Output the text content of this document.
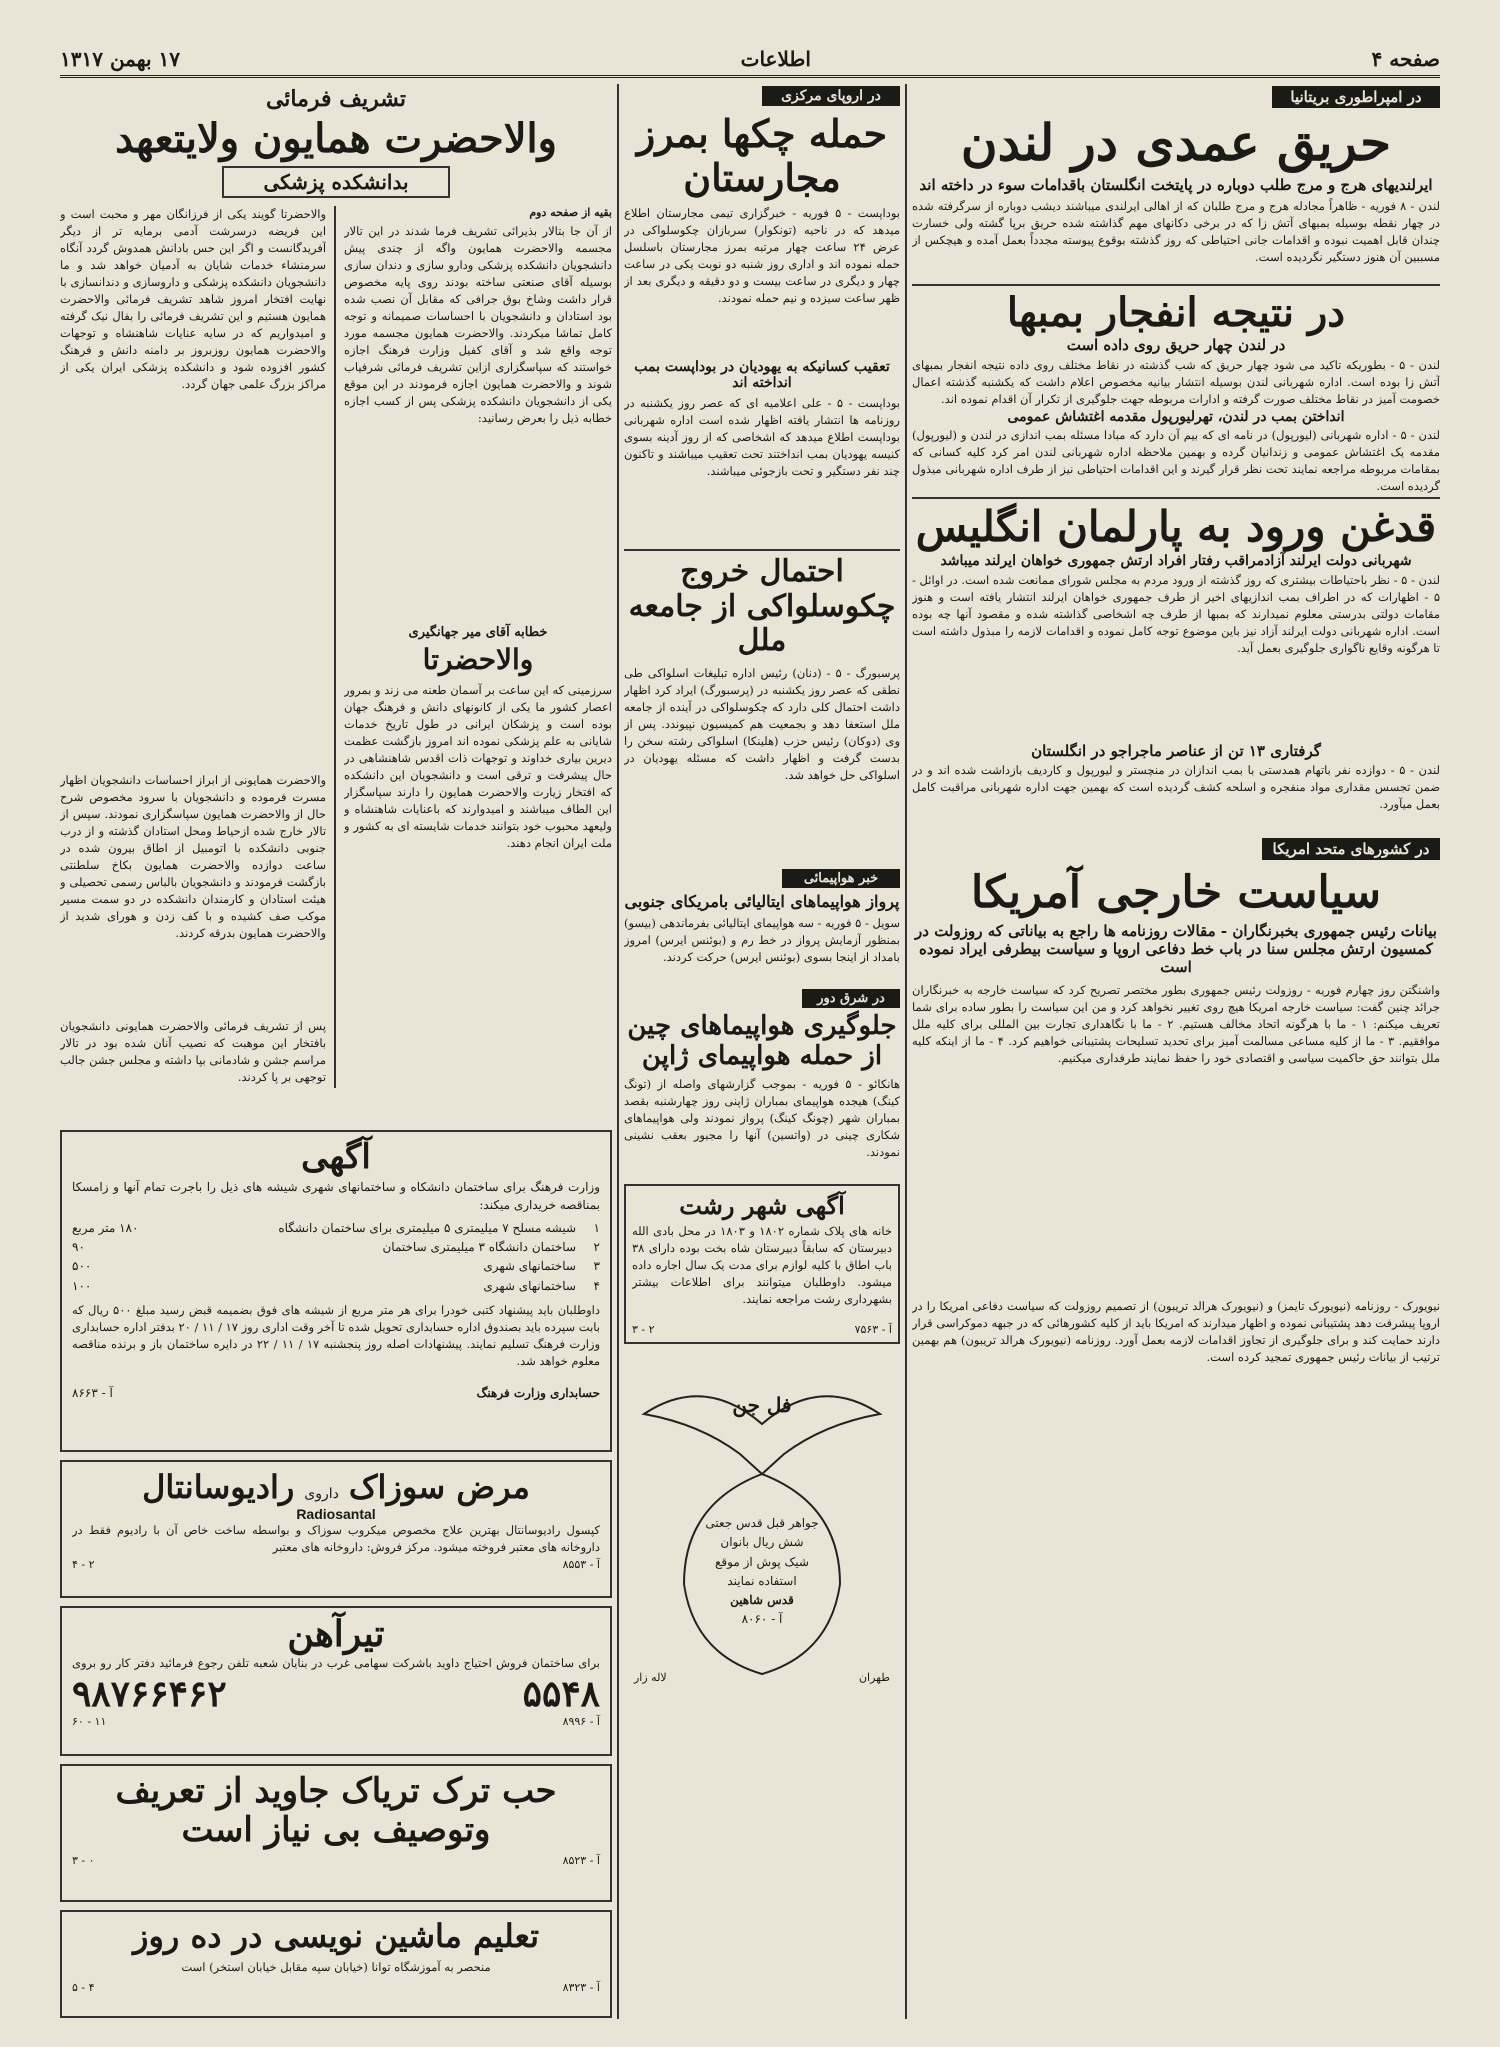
صفحه ۴
اطلاعات
۱۷ بهمن ۱۳۱۷
در امپراطوری بریتانیا
حریق عمدی در لندن
ایرلندیهای هرج و مرج طلب دوباره در پایتخت انگلستان باقدامات سوء در داخته اند
لندن - ۸ فوریه - ظاهراً مجادله هرج و مرج طلبان که از اهالی ایرلندی میباشند دیشب دوباره از سرگرفته شده در چهار نقطه بوسیله بمبهای آتش زا که در برخی دکانهای مهم گذاشته شده حریق برپا گشته ولی خسارت چندان قابل اهمیت نبوده و اقدامات جانی احتیاطی که روز گذشته بوقوع پیوسته مجدداً بعمل آمده و هیچکس از مسببین آن هنوز دستگیر نگردیده است.
در نتیجه انفجار بمبها
در لندن چهار حریق روی داده است
لندن - ۵ - بطوریکه تاکید می شود چهار حریق که شب گذشته در نقاط مختلف روی داده نتیجه انفجار بمبهای آتش زا بوده است. اداره شهربانی لندن بوسیله انتشار بیانیه مخصوص اعلام داشت که یکشنبه گذشته اعمال خصومت آمیز در نقاط مختلف صورت گرفته و ادارات مربوطه جهت جلوگیری از تکرار آن اقدام نموده اند.
انداختن بمب در لندن، تهرلیورپول مقدمه اغتشاش عمومی
لندن - ۵ - اداره شهربانی (لیورپول) در نامه ای که بیم آن دارد که مبادا مسئله بمب اندازی در لندن و (لیورپول) مقدمه یک اغتشاش عمومی و زندانیان گرده و بهمین ملاحظه اداره شهربانی لندن امر کرد کلیه کسانی که بمقامات مربوطه مراجعه نمایند تحت نظر قرار گیرند و این اقدامات احتیاطی نیز از طرف اداره شهربانی میذول گردیده است.
قدغن ورود به پارلمان انگلیس
شهربانی دولت ایرلند آزادمراقب رفتار افراد ارتش جمهوری خواهان ایرلند میباشد
لندن - ۵ - نظر باحتیاطات بیشتری که روز گذشته از ورود مردم به مجلس شورای ممانعت شده است. در اوائل - ۵ - اظهارات که در اطراف بمب اندازیهای اخیر از طرف جمهوری خواهان ایرلند انتشار یافته است و هنوز مقامات دولتی بدرستی معلوم نمیدارند که بمبها از طرف چه اشخاصی گذاشته شده و مقصود آنها چه بوده است. اداره شهربانی دولت ایرلند آزاد نیز باین موضوع توجه کامل نموده و اقدامات لازمه را مبذول داشته است تا هرگونه وقایع ناگواری جلوگیری بعمل آید.
گرفتاری ۱۳ تن از عناصر ماجراجو در انگلستان
لندن - ۵ - دوازده نفر باتهام همدستی با بمب اندازان در منچستر و لیورپول و کاردیف بازداشت شده اند و در ضمن تجسس مقداری مواد منفجره و اسلحه کشف گردیده است که بهمین جهت اداره شهربانی مراقبت کامل بعمل میآورد.
در کشورهای متحد امریکا
سیاست خارجی آمریکا
بیانات رئیس جمهوری بخبرنگاران - مقالات روزنامه ها راجع به بیاناتی که روزولت در کمسیون ارتش مجلس سنا در باب خط دفاعی اروپا و سیاست بیطرفی ایراد نموده است
واشنگتن روز چهارم فوریه - روزولت رئیس جمهوری بطور مختصر تصریح کرد که سیاست خارجه به خبرنگاران جرائد چنین گفت: سیاست خارجه امریکا هیچ روی تغییر نخواهد کرد و من این سیاست را بطور ساده برای شما تعریف میکنم: ۱ - ما با هرگونه اتحاد مخالف هستیم. ۲ - ما با نگاهداری تجارت بین المللی برای کلیه ملل موافقیم. ۳ - ما از کلیه مساعی مسالمت آمیز برای تحدید تسلیحات پشتیبانی خواهیم کرد. ۴ - ما از اینکه کلیه ملل بتوانند حق حاکمیت سیاسی و اقتصادی خود را حفظ نمایند طرفداری میکنیم.
نیویورک - روزنامه (نیویورک تایمز) و (نیویورک هرالد تریبون) از تصمیم روزولت که سیاست دفاعی امریکا را در اروپا پیشرفت دهد پشتیبانی نموده و اظهار میدارند که امریکا باید از کلیه کشورهائی که در جبهه دموکراسی قرار دارند حمایت کند و برای جلوگیری از تجاوز اقدامات لازمه بعمل آورد. روزنامه (نیویورک هرالد تریبون) هم بهمین ترتیب از بیانات رئیس جمهوری تمجید کرده است.
در اروپای مرکزی
حمله چکها بمرز مجارستان
بوداپست - ۵ فوریه - خبرگزاری تیمی مجارستان اطلاع میدهد که در ناحیه (تونکوار) سربازان چکوسلواکی در عرض ۲۴ ساعت چهار مرتبه بمرز مجارستان باسلسل حمله نموده اند و اداری روز شنبه دو نوبت یکی در ساعت چهار و دیگری در ساعت بیست و دو دقیقه و دیگری بعد از ظهر ساعت سیزده و نیم حمله نمودند.
تعقیب کسانیکه به یهودیان در بوداپست بمب انداخته اند
بوداپست - ۵ - علی اعلامیه ای که عصر روز یکشنبه در روزنامه ها انتشار یافته اظهار شده است اداره شهربانی بوداپست اطلاع میدهد که اشخاصی که از روز آدینه بسوی کنیسه یهودیان بمب انداختند تحت تعقیب میباشند و تاکنون چند نفر دستگیر و تحت بازجوئی میباشند.
احتمال خروج چکوسلواکی از جامعه ملل
پرسبورگ - ۵ - (دنان) رئیس اداره تبلیغات اسلواکی طی نطقی که عصر روز یکشنبه در (پرسبورگ) ایراد کرد اظهار داشت احتمال کلی دارد که چکوسلواکی در آینده از جامعه ملل استعفا دهد و بجمعیت هم کمیسیون نپیوندد. پس از وی (دوکان) رئیس حزب (هلینکا) اسلواکی رشته سخن را بدست گرفت و اظهار داشت که مسئله یهودیان در اسلواکی حل خواهد شد.
خبر هواپیمائی
پرواز هواپیماهای ایتالیائی بامریکای جنوبی
سویل - ۵ فوریه - سه هواپیمای ایتالیائی بفرماندهی (بیسو) بمنظور آزمایش پرواز در خط رم و (بوئنس ایرس) امروز بامداد از اینجا بسوی (بوئنس ایرس) حرکت کردند.
در شرق دور
جلوگیری هواپیماهای چین از حمله هواپیمای ژاپن
هانکائو - ۵ فوریه - بموجب گزارشهای واصله از (تونگ کینگ) هیجده هواپیمای بمباران ژاپنی روز چهارشنبه بقصد بمباران شهر (چونگ کینگ) پرواز نمودند ولی هواپیماهای شکاری چینی در (واتسین) آنها را مجبور بعقب نشینی نمودند.
آگهی شهر رشت
خانه های پلاک شماره ۱۸۰۲ و ۱۸۰۳ در محل بادی الله دبیرستان که سابقاً دبیرستان شاه بخت بوده دارای ۳۸ باب اطاق با کلیه لوازم برای مدت یک سال اجاره داده میشود. داوطلبان میتوانند برای اطلاعات بیشتر بشهرداری رشت مراجعه نمایند.
آ - ۷۵۶۳
۲ - ۳
فل جن
جواهر قبل قدس جعتی
شش ریال بانوان
شیک پوش از موقع
استفاده نمایند
قدس شاهین
آ - ۸۰۶۰
طهران
لاله زار
تشریف فرمائی
والاحضرت همایون ولایتعهد
بدانشکده پزشکی
بقیه از صفحه دوم
از آن جا بتالار بذیرائی تشریف فرما شدند در این تالار مجسمه والاحضرت همایون واگه از چندی پیش دانشجویان دانشکده پزشکی ودارو سازی و دندان سازی بوسیله آقای صنعتی ساخته بودند روی پایه مخصوص قرار داشت وشاخ بوق جرافی که مقابل آن نصب شده بود استادان و دانشجویان با احساسات صمیمانه و توجه کامل تماشا میکردند. والاحضرت همایون مجسمه مورد توجه واقع شد و آقای کفیل وزارت فرهنگ اجازه خواستند که سپاسگزاری ازاین تشریف فرمائی شرفیاب شوند و والاحضرت همایون اجازه فرمودند در این موقع یکی از دانشجویان دانشکده پزشکی پس از کسب اجازه خطابه ذیل را بعرض رسانید:
خطابه آقای میر جهانگیری
والاحضرتا
سرزمینی که این ساعت بر آسمان طعنه می زند و بمرور اعصار کشور ما یکی از کانونهای دانش و فرهنگ جهان بوده است و پزشکان ایرانی در طول تاریخ خدمات شایانی به علم پزشکی نموده اند امروز بازگشت عظمت دیرین بیاری خداوند و توجهات ذات اقدس شاهنشاهی در حال پیشرفت و ترقی است و دانشجویان این دانشکده که افتخار زیارت والاحضرت همایون را دارند سپاسگزار این الطاف میباشند و امیدوارند که باعنایات شاهنشاه و ولیعهد محبوب خود بتوانند خدمات شایسته ای به کشور و ملت ایران انجام دهند.
والاحضرتا گویند یکی از فرزانگان مهر و محبت است و این فریضه درسرشت آدمی برمایه تر از دیگر آفریدگانست و اگر این حس بادانش همدوش گردد آنگاه سرمنشاء خدمات شایان به آدمیان خواهد شد و ما دانشجویان دانشکده پزشکی و داروسازی و دندانسازی با نهایت افتخار امروز شاهد تشریف فرمائی والاحضرت همایون هستیم و این تشریف فرمائی را بفال نیک گرفته و امیدواریم که در سایه عنایات شاهنشاه و توجهات والاحضرت همایون روزبروز بر دامنه دانش و فرهنگ کشور افزوده شود و دانشکده پزشکی ایران یکی از مراکز بزرگ علمی جهان گردد.
والاحضرت همایونی از ابراز احساسات دانشجویان اظهار مسرت فرموده و دانشجویان با سرود مخصوص شرح حال از والاحضرت همایون سپاسگزاری نمودند. سپس از تالار خارج شده ازحیاط ومحل استادان گذشته و از درب جنوبی دانشکده با اتومبیل از اطاق بیرون شده در ساعت دوازده والاحضرت همایون بکاخ سلطنتی بازگشت فرمودند و دانشجویان بالباس رسمی تحصیلی و هیئت استادان و کارمندان دانشکده در دو سمت مسیر موکب صف کشیده و با کف زدن و هورای شدید از والاحضرت همایون بدرقه کردند.
پس از تشریف فرمائی والاحضرت همایونی دانشجویان بافتخار این موهبت که نصیب آنان شده بود در تالار مراسم جشن و شادمانی بپا داشته و مجلس جشن جالب توجهی بر پا کردند.
آگهی
وزارت فرهنگ برای ساختمان دانشکاه و ساختمانهای شهری شیشه های ذیل را باجرت تمام آنها و زامسکا بمناقصه خریداری میکند:
۱
شیشه مسلح ۷ میلیمتری ۵ میلیمتری برای ساختمان دانشگاه
۱۸۰ متر مربع
۲
ساختمان دانشگاه ۳ میلیمتری ساختمان
۹۰
۳
ساختمانهای شهری
۵۰۰
۴
ساختمانهای شهری
۱۰۰
داوطلبان باید پیشنهاد کتبی خودرا برای هر متر مربع از شیشه های فوق بضمیمه قبض رسید مبلغ ۵۰۰ ریال که بابت سپرده باید بصندوق اداره حسابداری تحویل شده تا آخر وقت اداری روز ۱۷ / ۱۱ / ۲۰ بدفتر اداره حسابداری وزارت فرهنگ تسلیم نمایند. پیشنهادات اصله روز پنجشنبه ۱۷ / ۱۱ / ۲۲ در دایره ساختمان باز و برنده مناقصه معلوم خواهد شد.
حسابداری وزارت فرهنگ
آ - ۸۶۶۳
مرض سوزاک
داروی
رادیوسانتال
Radiosantal
کپسول رادیوسانتال بهترین علاج مخصوص میکروب سوزاک و بواسطه ساخت خاص آن با رادیوم فقط در داروخانه های معتبر فروخته میشود. مرکز فروش: داروخانه های معتبر
آ - ۸۵۵۳
۲ - ۴
تیرآهن
برای ساختمان فروش احتیاج داوید باشرکت سهامی غرب در بنایان شعبه تلفن رجوع فرمائید دفتر کار رو بروی
۹۸۷۶۶۴۶۲	۵۵۴۸
آ - ۸۹۹۶
۱۱ - ۶۰
حب ترک تریاک جاوید از تعریف
وتوصیف بی نیاز است
آ - ۸۵۲۳
۰ - ۳
تعلیم ماشین نویسی در ده روز
منحصر به آموزشگاه توانا (خیابان سپه مقابل خیابان استخر) است
آ - ۸۳۲۳
۴ - ۵
